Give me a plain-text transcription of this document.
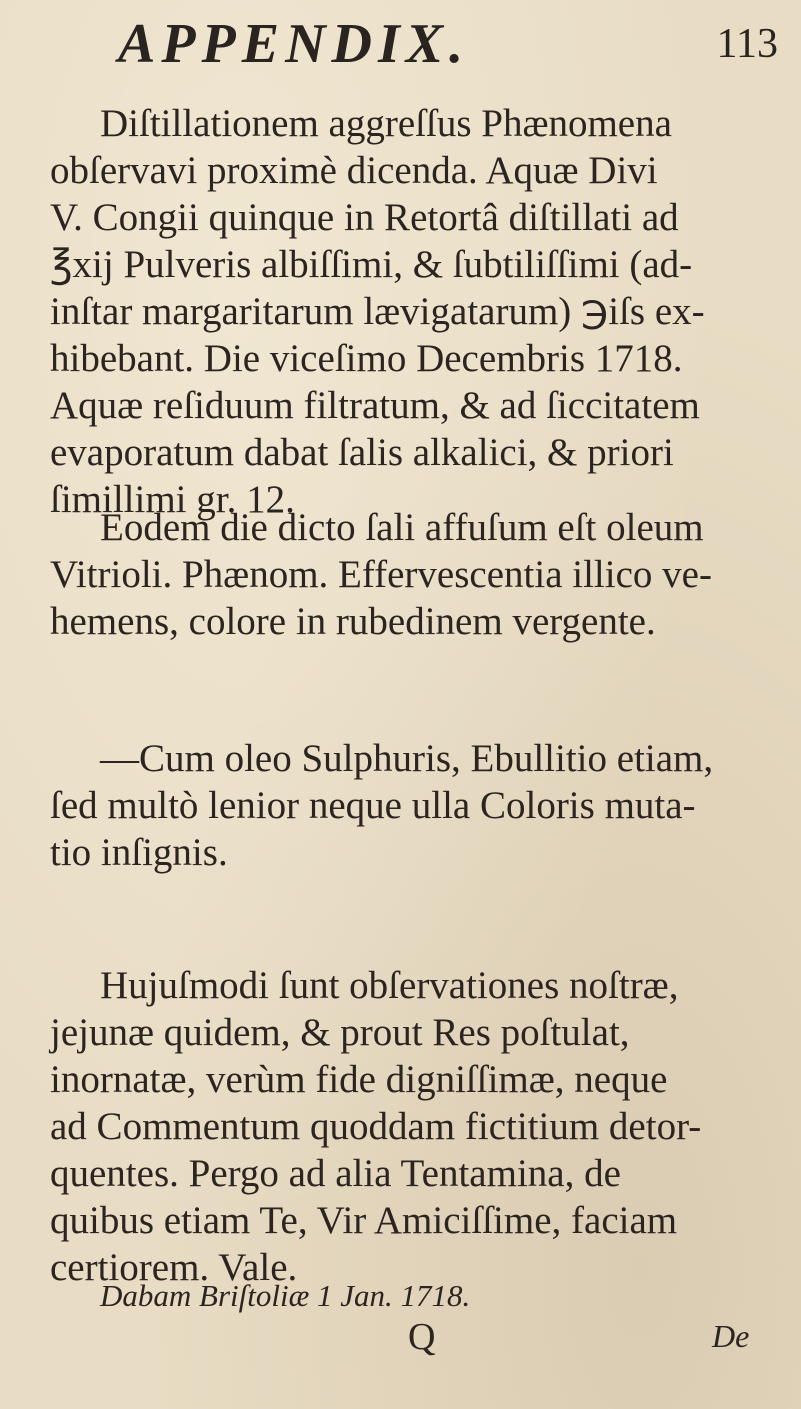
APPENDIX.	113
Diſtillationem aggreſſus Phænomena
obſervavi proximè dicenda. Aquæ Divi
V. Congii quinque in Retortâ diſtillati ad
℥xij Pulveris albiſſimi, & ſubtiliſſimi (ad-
inſtar margaritarum lævigatarum) ℈iſs ex-
hibebant. Die viceſimo Decembris 1718.
Aquæ reſiduum filtratum, & ad ſiccitatem
evaporatum dabat ſalis alkalici, & priori
ſimillimi gr. 12.
Eodem die dicto ſali affuſum eſt oleum
Vitrioli. Phænom. Effervescentia illico ve-
hemens, colore in rubedinem vergente.
—Cum oleo Sulphuris, Ebullitio etiam,
ſed multò lenior neque ulla Coloris muta-
tio inſignis.
Hujuſmodi ſunt obſervationes noſtræ,
jejunæ quidem, & prout Res poſtulat,
inornatæ, verùm fide digniſſimæ, neque
ad Commentum quoddam fictitium detor-
quentes. Pergo ad alia Tentamina, de
quibus etiam Te, Vir Amiciſſime, faciam
certiorem. Vale.
Dabam Briſtoliæ 1 Jan. 1718.
Q	De
